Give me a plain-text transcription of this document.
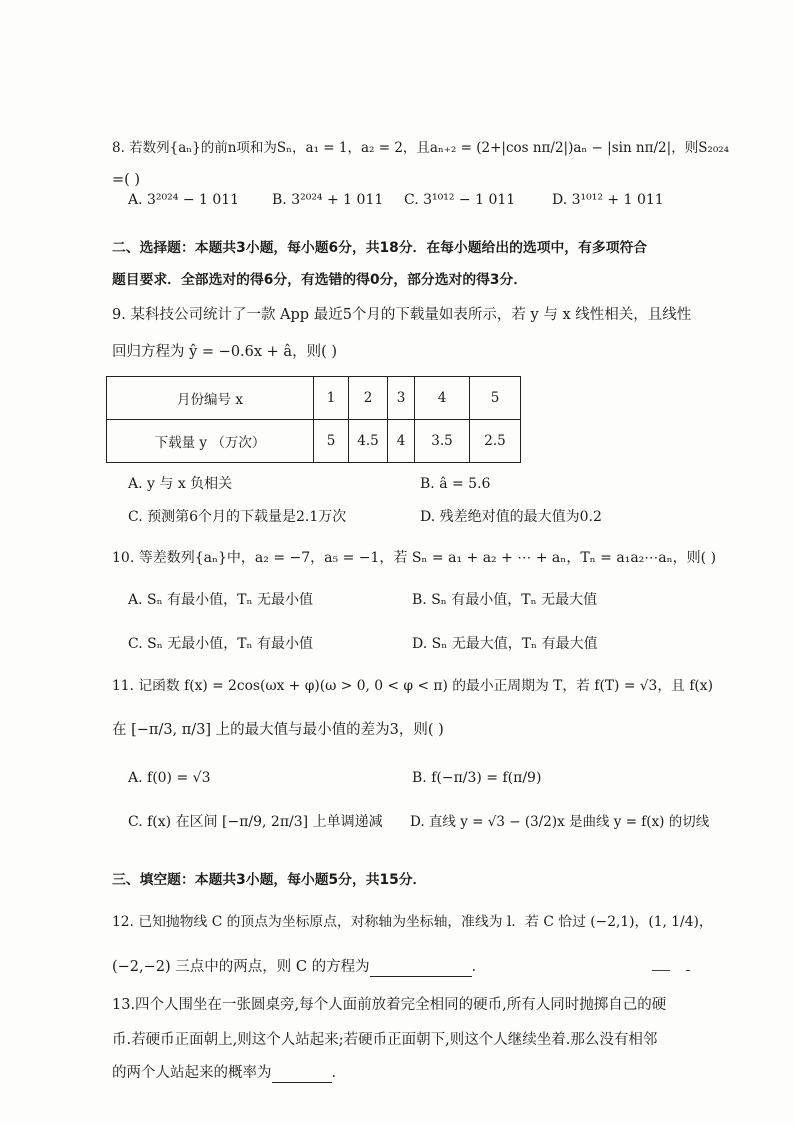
8. 若数列{aₙ}的前n项和为Sₙ，a₁ = 1，a₂ = 2，且aₙ₊₂ = (2+|cos nπ/2|)aₙ − |sin nπ/2|，则S₂₀₂₄
=( )
A. 3²⁰²⁴ − 1 011 B. 3²⁰²⁴ + 1 011 C. 3¹⁰¹² − 1 011	D. 3¹⁰¹² + 1 011
二、选择题：本题共3小题，每小题6分，共18分．在每小题给出的选项中，有多项符合
题目要求．全部选对的得6分，有选错的得0分，部分选对的得3分．
9. 某科技公司统计了一款 App 最近5个月的下载量如表所示，若 y 与 x 线性相关，且线性
回归方程为 ŷ = −0.6x + â，则( )
月份编号 x	1	2	3	4	5
下载量 y （万次）	5	4.5	4	3.5	2.5
A. y 与 x 负相关	B. â = 5.6
C. 预测第6个月的下载量是2.1万次	D. 残差绝对值的最大值为0.2
10. 等差数列{aₙ}中，a₂ = −7，a₅ = −1，若 Sₙ = a₁ + a₂ + ⋯ + aₙ，Tₙ = a₁a₂⋯aₙ，则( )
A. Sₙ 有最小值，Tₙ 无最小值	B. Sₙ 有最小值，Tₙ 无最大值
C. Sₙ 无最小值，Tₙ 有最小值	D. Sₙ 无最大值，Tₙ 有最大值
11. 记函数 f(x) = 2cos(ωx + φ)(ω > 0, 0 < φ < π) 的最小正周期为 T，若 f(T) = √3，且 f(x)
在 [−π/3, π/3] 上的最大值与最小值的差为3，则( )
A. f(0) = √3	B. f(−π/3) = f(π/9)
C. f(x) 在区间 [−π/9, 2π/3] 上单调递减 D. 直线 y = √3 − (3/2)x 是曲线 y = f(x) 的切线
三、填空题：本题共3小题，每小题5分，共15分．
12. 已知抛物线 C 的顶点为坐标原点，对称轴为坐标轴，准线为 l．若 C 恰过 (−2,1)，(1, 1/4)，
(−2,−2) 三点中的两点，则 C 的方程为	．
13.四个人围坐在一张圆桌旁,每个人面前放着完全相同的硬币,所有人同时抛掷自己的硬
币.若硬币正面朝上,则这个人站起来;若硬币正面朝下,则这个人继续坐着.那么没有相邻
的两个人站起来的概率为	.
